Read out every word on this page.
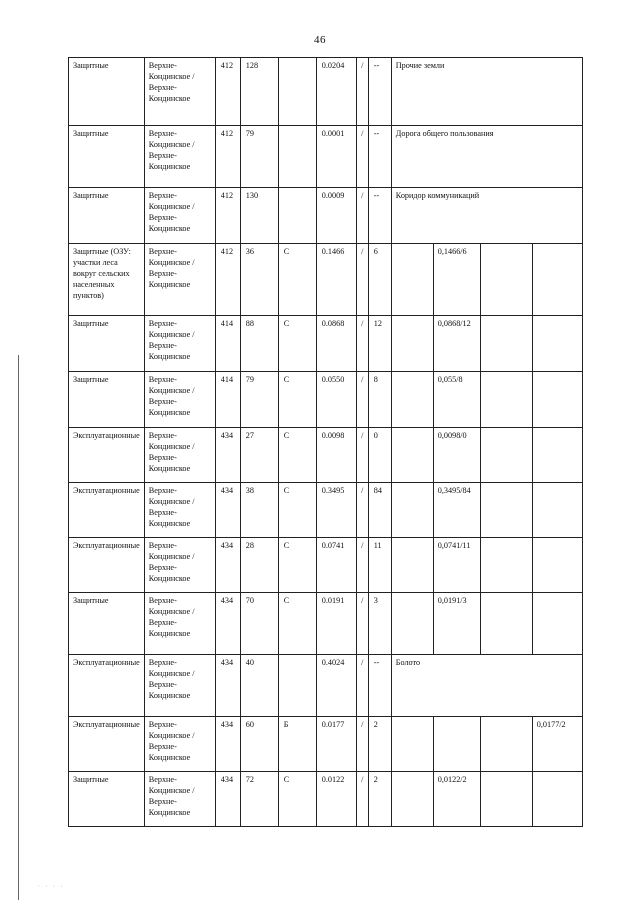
46
· · · ·
Защитные	Верхне-Кондинское / Верхне-Кондинское	412	128		0.0204	/	--	Прочие земли			
Защитные	Верхне-Кондинское / Верхне-Кондинское	412	79		0.0001	/	--	Дорога общего пользования			
Защитные	Верхне-Кондинское / Верхне-Кондинское	412	130		0.0009	/	--	Коридор коммуникаций			
Защитные (ОЗУ: участки леса вокруг сельских населенных пунктов)	Верхне-Кондинское / Верхне-Кондинское	412	36	С	0.1466	/	6		0,1466/6		
Защитные	Верхне-Кондинское / Верхне-Кондинское	414	88	С	0.0868	/	12		0,0868/12		
Защитные	Верхне-Кондинское / Верхне-Кондинское	414	79	С	0.0550	/	8		0,055/8		
Эксплуатационные	Верхне-Кондинское / Верхне-Кондинское	434	27	С	0.0098	/	0		0,0098/0		
Эксплуатационные	Верхне-Кондинское / Верхне-Кондинское	434	38	С	0.3495	/	84		0,3495/84		
Эксплуатационные	Верхне-Кондинское / Верхне-Кондинское	434	28	С	0.0741	/	11		0,0741/11		
Защитные	Верхне-Кондинское / Верхне-Кондинское	434	70	С	0.0191	/	3		0,0191/3		
Эксплуатационные	Верхне-Кондинское / Верхне-Кондинское	434	40		0.4024	/	--	Болото			
Эксплуатационные	Верхне-Кондинское / Верхне-Кондинское	434	60	Б	0.0177	/	2				0,0177/2
Защитные	Верхне-Кондинское / Верхне-Кондинское	434	72	С	0.0122	/	2		0,0122/2		
